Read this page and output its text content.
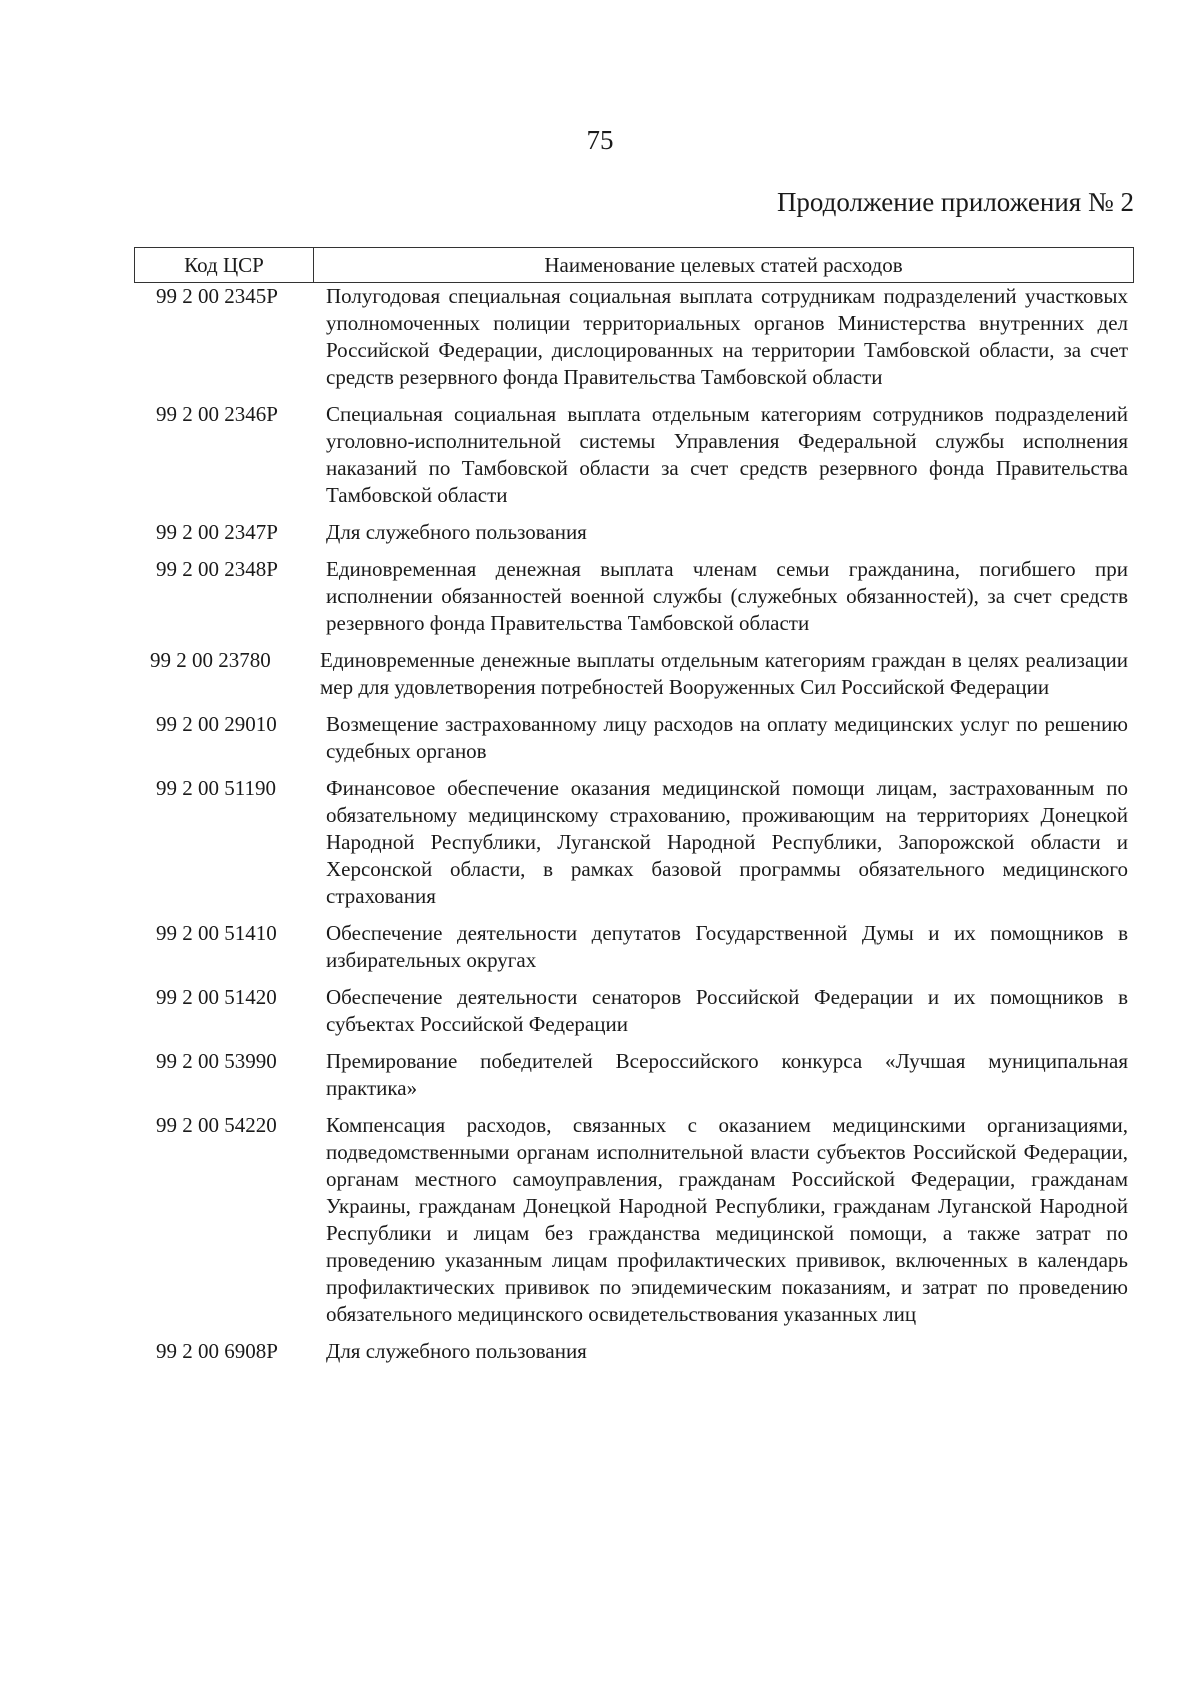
75
Продолжение приложения № 2
Код ЦСР	Наименование целевых статей расходов
99 2 00 2345Р	Полугодовая специальная социальная выплата сотрудникам подразделений участковых уполномоченных полиции территориальных органов Министерства внутренних дел Российской Федерации, дислоцированных на территории Тамбовской области, за счет средств резервного фонда Правительства Тамбовской области
99 2 00 2346Р	Специальная социальная выплата отдельным категориям сотрудников подразделений уголовно-исполнительной системы Управления Федеральной службы исполнения наказаний по Тамбовской области за счет средств резервного фонда Правительства Тамбовской области
99 2 00 2347Р	Для служебного пользования
99 2 00 2348Р	Единовременная денежная выплата членам семьи гражданина, погибшего при исполнении обязанностей военной службы (служебных обязанностей), за счет средств резервного фонда Правительства Тамбовской области
99 2 00 23780	Единовременные денежные выплаты отдельным категориям граждан в целях реализации мер для удовлетворения потребностей Вооруженных Сил Российской Федерации
99 2 00 29010	Возмещение застрахованному лицу расходов на оплату медицинских услуг по решению судебных органов
99 2 00 51190	Финансовое обеспечение оказания медицинской помощи лицам, застрахованным по обязательному медицинскому страхованию, проживающим на территориях Донецкой Народной Республики, Луганской Народной Республики, Запорожской области и Херсонской области, в рамках базовой программы обязательного медицинского страхования
99 2 00 51410	Обеспечение деятельности депутатов Государственной Думы и их помощников в избирательных округах
99 2 00 51420	Обеспечение деятельности сенаторов Российской Федерации и их помощников в субъектах Российской Федерации
99 2 00 53990	Премирование победителей Всероссийского конкурса «Лучшая муниципальная практика»
99 2 00 54220	Компенсация расходов, связанных с оказанием медицинскими организациями, подведомственными органам исполнительной власти субъектов Российской Федерации, органам местного самоуправления, гражданам Российской Федерации, гражданам Украины, гражданам Донецкой Народной Республики, гражданам Луганской Народной Республики и лицам без гражданства медицинской помощи, а также затрат по проведению указанным лицам профилактических прививок, включенных в календарь профилактических прививок по эпидемическим показаниям, и затрат по проведению обязательного медицинского освидетельствования указанных лиц
99 2 00 6908Р	Для служебного пользования
